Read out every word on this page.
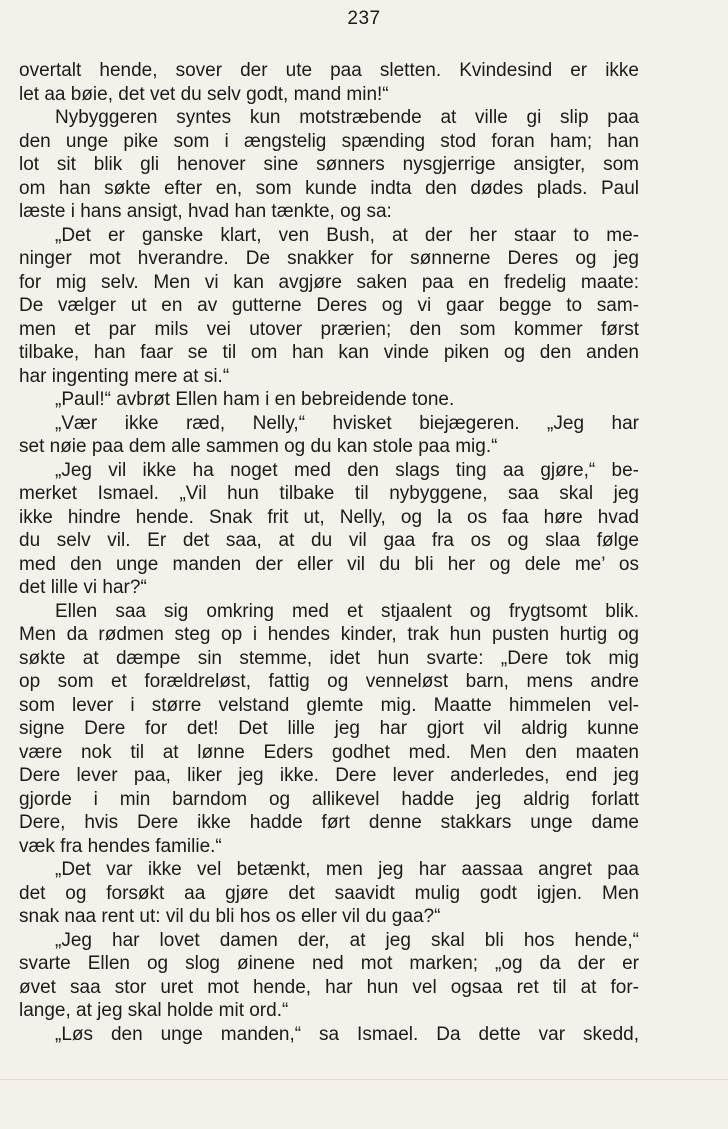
237
overtalt hende, sover der ute paa sletten. Kvindesind er ikke
let aa bøie, det vet du selv godt, mand min!“
Nybyggeren syntes kun motstræbende at ville gi slip paa
den unge pike som i ængstelig spænding stod foran ham; han
lot sit blik gli henover sine sønners nysgjerrige ansigter, som
om han søkte efter en, som kunde indta den dødes plads. Paul
læste i hans ansigt, hvad han tænkte, og sa:
„Det er ganske klart, ven Bush, at der her staar to me-
ninger mot hverandre. De snakker for sønnerne Deres og jeg
for mig selv. Men vi kan avgjøre saken paa en fredelig maate:
De vælger ut en av gutterne Deres og vi gaar begge to sam-
men et par mils vei utover prærien; den som kommer først
tilbake, han faar se til om han kan vinde piken og den anden
har ingenting mere at si.“
„Paul!“ avbrøt Ellen ham i en bebreidende tone.
„Vær ikke ræd, Nelly,“ hvisket biejægeren. „Jeg har
set nøie paa dem alle sammen og du kan stole paa mig.“
„Jeg vil ikke ha noget med den slags ting aa gjøre,“ be-
merket Ismael. „Vil hun tilbake til nybyggene, saa skal jeg
ikke hindre hende. Snak frit ut, Nelly, og la os faa høre hvad
du selv vil. Er det saa, at du vil gaa fra os og slaa følge
med den unge manden der eller vil du bli her og dele me’ os
det lille vi har?“
Ellen saa sig omkring med et stjaalent og frygtsomt blik.
Men da rødmen steg op i hendes kinder, trak hun pusten hurtig og
søkte at dæmpe sin stemme, idet hun svarte: „Dere tok mig
op som et forældreløst, fattig og venneløst barn, mens andre
som lever i større velstand glemte mig. Maatte himmelen vel-
signe Dere for det! Det lille jeg har gjort vil aldrig kunne
være nok til at lønne Eders godhet med. Men den maaten
Dere lever paa, liker jeg ikke. Dere lever anderledes, end jeg
gjorde i min barndom og allikevel hadde jeg aldrig forlatt
Dere, hvis Dere ikke hadde ført denne stakkars unge dame
væk fra hendes familie.“
„Det var ikke vel betænkt, men jeg har aassaa angret paa
det og forsøkt aa gjøre det saavidt mulig godt igjen. Men
snak naa rent ut: vil du bli hos os eller vil du gaa?“
„Jeg har lovet damen der, at jeg skal bli hos hende,“
svarte Ellen og slog øinene ned mot marken; „og da der er
øvet saa stor uret mot hende, har hun vel ogsaa ret til at for-
lange, at jeg skal holde mit ord.“
„Løs den unge manden,“ sa Ismael. Da dette var skedd,
